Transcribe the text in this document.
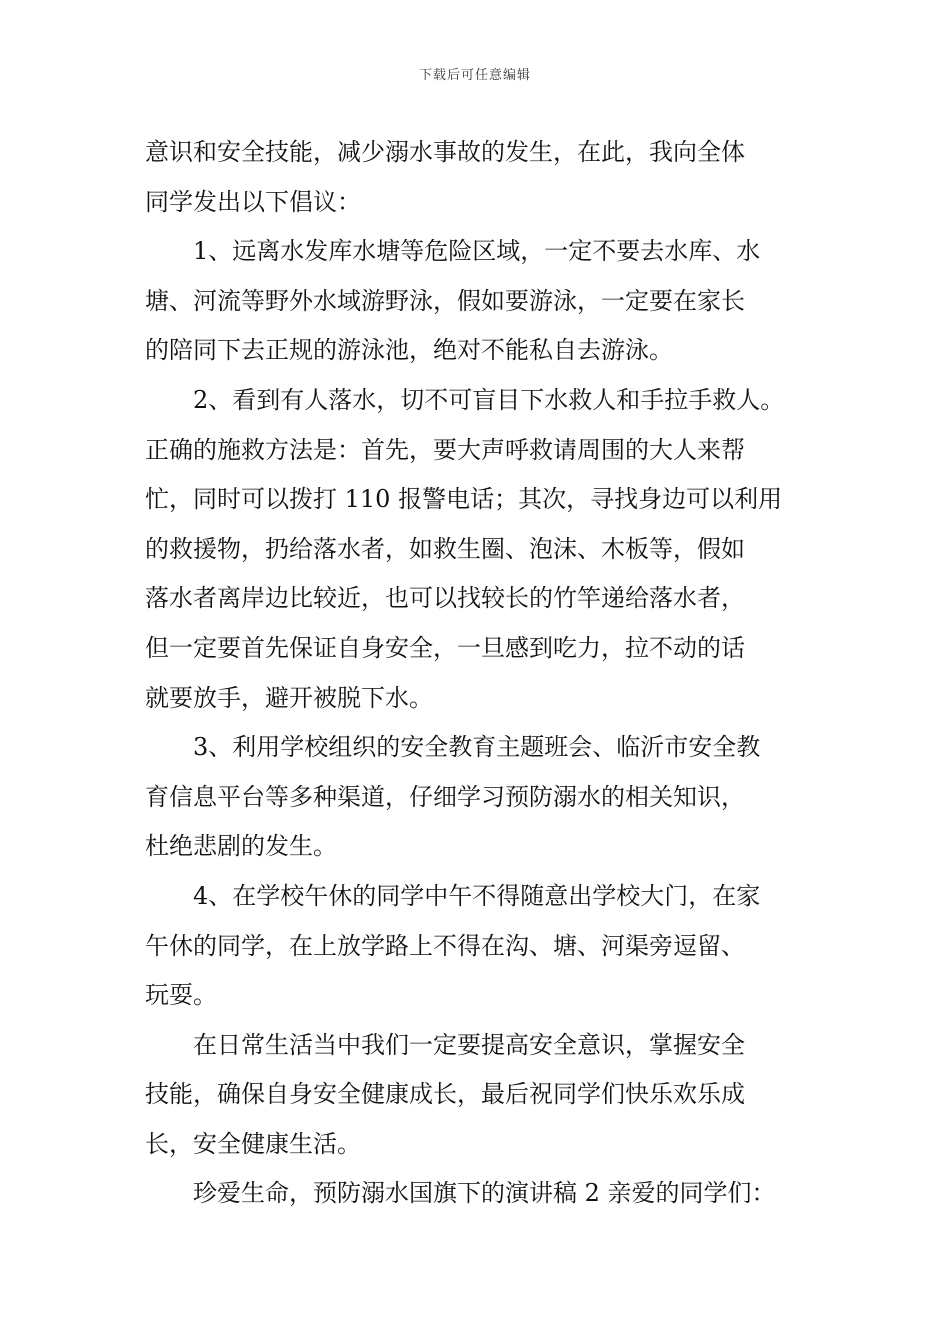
下载后可任意编辑
意识和安全技能，减少溺水事故的发生，在此，我向全体
同学发出以下倡议：
1、远离水发库水塘等危险区域，一定不要去水库、水
塘、河流等野外水域游野泳，假如要游泳，一定要在家长
的陪同下去正规的游泳池，绝对不能私自去游泳。
2、看到有人落水，切不可盲目下水救人和手拉手救人。
正确的施救方法是：首先，要大声呼救请周围的大人来帮
忙，同时可以拨打 110 报警电话；其次，寻找身边可以利用
的救援物，扔给落水者，如救生圈、泡沫、木板等，假如
落水者离岸边比较近，也可以找较长的竹竿递给落水者，
但一定要首先保证自身安全，一旦感到吃力，拉不动的话
就要放手，避开被脱下水。
3、利用学校组织的安全教育主题班会、临沂市安全教
育信息平台等多种渠道，仔细学习预防溺水的相关知识，
杜绝悲剧的发生。
4、在学校午休的同学中午不得随意出学校大门，在家
午休的同学，在上放学路上不得在沟、塘、河渠旁逗留、
玩耍。
在日常生活当中我们一定要提高安全意识，掌握安全
技能，确保自身安全健康成长，最后祝同学们快乐欢乐成
长，安全健康生活。
珍爱生命，预防溺水国旗下的演讲稿 2 亲爱的同学们：
